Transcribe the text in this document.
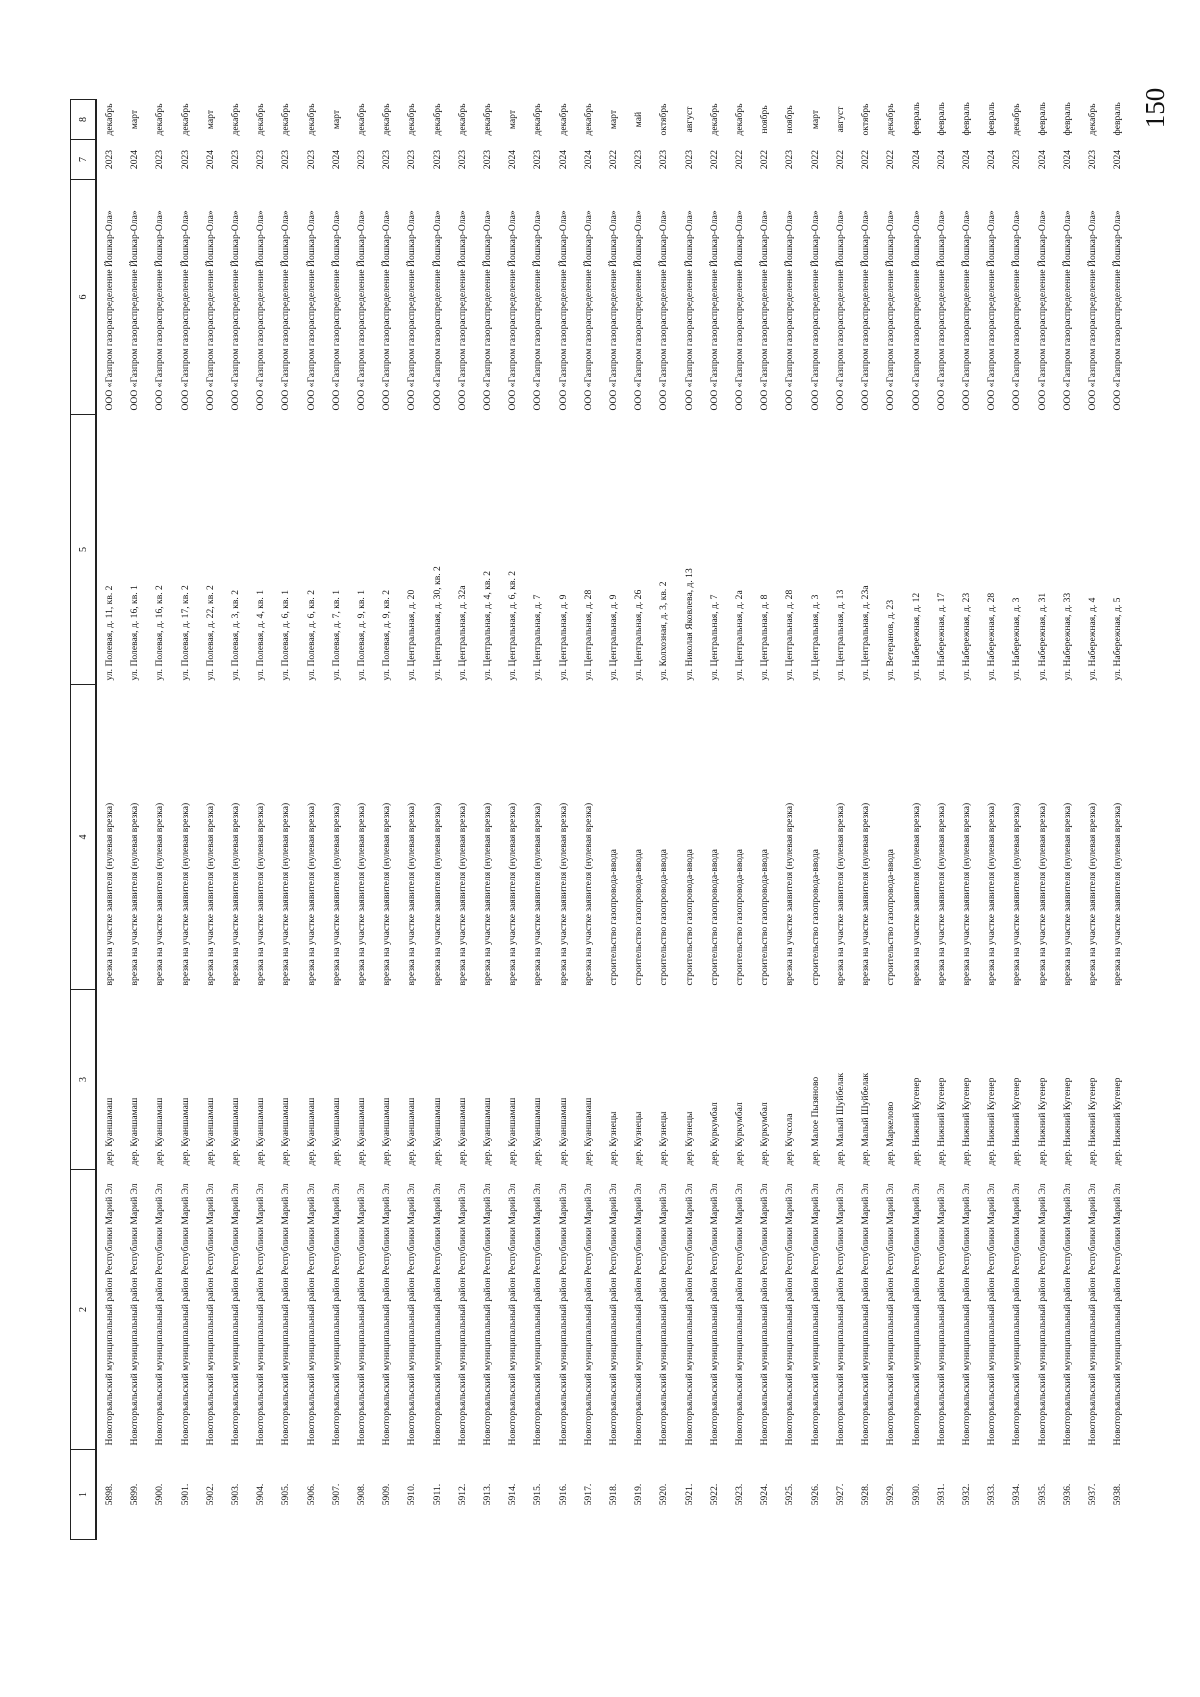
150
1	2	3	4	5	6	7	8
5898.	Новоторъяльский муниципальный район Республики Марий Эл	дер. Куаншамаш	врезка на участке заявителя (нулевая врезка)	ул. Полевая, д. 11, кв. 2	ООО «Газпром газораспределение Йошкар-Ола»	2023	декабрь
5899.	Новоторъяльский муниципальный район Республики Марий Эл	дер. Куаншамаш	врезка на участке заявителя (нулевая врезка)	ул. Полевая, д. 16, кв. 1	ООО «Газпром газораспределение Йошкар-Ола»	2024	март
5900.	Новоторъяльский муниципальный район Республики Марий Эл	дер. Куаншамаш	врезка на участке заявителя (нулевая врезка)	ул. Полевая, д. 16, кв. 2	ООО «Газпром газораспределение Йошкар-Ола»	2023	декабрь
5901.	Новоторъяльский муниципальный район Республики Марий Эл	дер. Куаншамаш	врезка на участке заявителя (нулевая врезка)	ул. Полевая, д. 17, кв. 2	ООО «Газпром газораспределение Йошкар-Ола»	2023	декабрь
5902.	Новоторъяльский муниципальный район Республики Марий Эл	дер. Куаншамаш	врезка на участке заявителя (нулевая врезка)	ул. Полевая, д. 22, кв. 2	ООО «Газпром газораспределение Йошкар-Ола»	2024	март
5903.	Новоторъяльский муниципальный район Республики Марий Эл	дер. Куаншамаш	врезка на участке заявителя (нулевая врезка)	ул. Полевая, д. 3, кв. 2	ООО «Газпром газораспределение Йошкар-Ола»	2023	декабрь
5904.	Новоторъяльский муниципальный район Республики Марий Эл	дер. Куаншамаш	врезка на участке заявителя (нулевая врезка)	ул. Полевая, д. 4, кв. 1	ООО «Газпром газораспределение Йошкар-Ола»	2023	декабрь
5905.	Новоторъяльский муниципальный район Республики Марий Эл	дер. Куаншамаш	врезка на участке заявителя (нулевая врезка)	ул. Полевая, д. 6, кв. 1	ООО «Газпром газораспределение Йошкар-Ола»	2023	декабрь
5906.	Новоторъяльский муниципальный район Республики Марий Эл	дер. Куаншамаш	врезка на участке заявителя (нулевая врезка)	ул. Полевая, д. 6, кв. 2	ООО «Газпром газораспределение Йошкар-Ола»	2023	декабрь
5907.	Новоторъяльский муниципальный район Республики Марий Эл	дер. Куаншамаш	врезка на участке заявителя (нулевая врезка)	ул. Полевая, д. 7, кв. 1	ООО «Газпром газораспределение Йошкар-Ола»	2024	март
5908.	Новоторъяльский муниципальный район Республики Марий Эл	дер. Куаншамаш	врезка на участке заявителя (нулевая врезка)	ул. Полевая, д. 9, кв. 1	ООО «Газпром газораспределение Йошкар-Ола»	2023	декабрь
5909.	Новоторъяльский муниципальный район Республики Марий Эл	дер. Куаншамаш	врезка на участке заявителя (нулевая врезка)	ул. Полевая, д. 9, кв. 2	ООО «Газпром газораспределение Йошкар-Ола»	2023	декабрь
5910.	Новоторъяльский муниципальный район Республики Марий Эл	дер. Куаншамаш	врезка на участке заявителя (нулевая врезка)	ул. Центральная, д. 20	ООО «Газпром газораспределение Йошкар-Ола»	2023	декабрь
5911.	Новоторъяльский муниципальный район Республики Марий Эл	дер. Куаншамаш	врезка на участке заявителя (нулевая врезка)	ул. Центральная, д. 30, кв. 2	ООО «Газпром газораспределение Йошкар-Ола»	2023	декабрь
5912.	Новоторъяльский муниципальный район Республики Марий Эл	дер. Куаншамаш	врезка на участке заявителя (нулевая врезка)	ул. Центральная, д. 32а	ООО «Газпром газораспределение Йошкар-Ола»	2023	декабрь
5913.	Новоторъяльский муниципальный район Республики Марий Эл	дер. Куаншамаш	врезка на участке заявителя (нулевая врезка)	ул. Центральная, д. 4, кв. 2	ООО «Газпром газораспределение Йошкар-Ола»	2023	декабрь
5914.	Новоторъяльский муниципальный район Республики Марий Эл	дер. Куаншамаш	врезка на участке заявителя (нулевая врезка)	ул. Центральная, д. 6, кв. 2	ООО «Газпром газораспределение Йошкар-Ола»	2024	март
5915.	Новоторъяльский муниципальный район Республики Марий Эл	дер. Куаншамаш	врезка на участке заявителя (нулевая врезка)	ул. Центральная, д. 7	ООО «Газпром газораспределение Йошкар-Ола»	2023	декабрь
5916.	Новоторъяльский муниципальный район Республики Марий Эл	дер. Куаншамаш	врезка на участке заявителя (нулевая врезка)	ул. Центральная, д. 9	ООО «Газпром газораспределение Йошкар-Ола»	2024	декабрь
5917.	Новоторъяльский муниципальный район Республики Марий Эл	дер. Куаншамаш	врезка на участке заявителя (нулевая врезка)	ул. Центральная, д. 28	ООО «Газпром газораспределение Йошкар-Ола»	2024	декабрь
5918.	Новоторъяльский муниципальный район Республики Марий Эл	дер. Кузнецы	строительство газопровода-ввода	ул. Центральная, д. 9	ООО «Газпром газораспределение Йошкар-Ола»	2022	март
5919.	Новоторъяльский муниципальный район Республики Марий Эл	дер. Кузнецы	строительство газопровода-ввода	ул. Центральная, д. 26	ООО «Газпром газораспределение Йошкар-Ола»	2023	май
5920.	Новоторъяльский муниципальный район Республики Марий Эл	дер. Кузнецы	строительство газопровода-ввода	ул. Колхозная, д. 3, кв. 2	ООО «Газпром газораспределение Йошкар-Ола»	2023	октябрь
5921.	Новоторъяльский муниципальный район Республики Марий Эл	дер. Кузнецы	строительство газопровода-ввода	ул. Николая Яковлева, д. 13	ООО «Газпром газораспределение Йошкар-Ола»	2023	август
5922.	Новоторъяльский муниципальный район Республики Марий Эл	дер. Куркумбал	строительство газопровода-ввода	ул. Центральная, д. 7	ООО «Газпром газораспределение Йошкар-Ола»	2022	декабрь
5923.	Новоторъяльский муниципальный район Республики Марий Эл	дер. Куркумбал	строительство газопровода-ввода	ул. Центральная, д. 2а	ООО «Газпром газораспределение Йошкар-Ола»	2022	декабрь
5924.	Новоторъяльский муниципальный район Республики Марий Эл	дер. Куркумбал	строительство газопровода-ввода	ул. Центральная, д. 8	ООО «Газпром газораспределение Йошкар-Ола»	2022	ноябрь
5925.	Новоторъяльский муниципальный район Республики Марий Эл	дер. Кучсола	врезка на участке заявителя (нулевая врезка)	ул. Центральная, д. 28	ООО «Газпром газораспределение Йошкар-Ола»	2023	ноябрь
5926.	Новоторъяльский муниципальный район Республики Марий Эл	дер. Малое Пызяново	строительство газопровода-ввода	ул. Центральная, д. 3	ООО «Газпром газораспределение Йошкар-Ола»	2022	март
5927.	Новоторъяльский муниципальный район Республики Марий Эл	дер. Малый Шуйбелак	врезка на участке заявителя (нулевая врезка)	ул. Центральная, д. 13	ООО «Газпром газораспределение Йошкар-Ола»	2022	август
5928.	Новоторъяльский муниципальный район Республики Марий Эл	дер. Малый Шуйбелак	врезка на участке заявителя (нулевая врезка)	ул. Центральная, д. 23а	ООО «Газпром газораспределение Йошкар-Ола»	2022	октябрь
5929.	Новоторъяльский муниципальный район Республики Марий Эл	дер. Маркелово	строительство газопровода-ввода	ул. Ветеранов, д. 23	ООО «Газпром газораспределение Йошкар-Ола»	2022	декабрь
5930.	Новоторъяльский муниципальный район Республики Марий Эл	дер. Нижний Кугенер	врезка на участке заявителя (нулевая врезка)	ул. Набережная, д. 12	ООО «Газпром газораспределение Йошкар-Ола»	2024	февраль
5931.	Новоторъяльский муниципальный район Республики Марий Эл	дер. Нижний Кугенер	врезка на участке заявителя (нулевая врезка)	ул. Набережная, д. 17	ООО «Газпром газораспределение Йошкар-Ола»	2024	февраль
5932.	Новоторъяльский муниципальный район Республики Марий Эл	дер. Нижний Кугенер	врезка на участке заявителя (нулевая врезка)	ул. Набережная, д. 23	ООО «Газпром газораспределение Йошкар-Ола»	2024	февраль
5933.	Новоторъяльский муниципальный район Республики Марий Эл	дер. Нижний Кугенер	врезка на участке заявителя (нулевая врезка)	ул. Набережная, д. 28	ООО «Газпром газораспределение Йошкар-Ола»	2024	февраль
5934.	Новоторъяльский муниципальный район Республики Марий Эл	дер. Нижний Кугенер	врезка на участке заявителя (нулевая врезка)	ул. Набережная, д. 3	ООО «Газпром газораспределение Йошкар-Ола»	2023	декабрь
5935.	Новоторъяльский муниципальный район Республики Марий Эл	дер. Нижний Кугенер	врезка на участке заявителя (нулевая врезка)	ул. Набережная, д. 31	ООО «Газпром газораспределение Йошкар-Ола»	2024	февраль
5936.	Новоторъяльский муниципальный район Республики Марий Эл	дер. Нижний Кугенер	врезка на участке заявителя (нулевая врезка)	ул. Набережная, д. 33	ООО «Газпром газораспределение Йошкар-Ола»	2024	февраль
5937.	Новоторъяльский муниципальный район Республики Марий Эл	дер. Нижний Кугенер	врезка на участке заявителя (нулевая врезка)	ул. Набережная, д. 4	ООО «Газпром газораспределение Йошкар-Ола»	2023	декабрь
5938.	Новоторъяльский муниципальный район Республики Марий Эл	дер. Нижний Кугенер	врезка на участке заявителя (нулевая врезка)	ул. Набережная, д. 5	ООО «Газпром газораспределение Йошкар-Ола»	2024	февраль
